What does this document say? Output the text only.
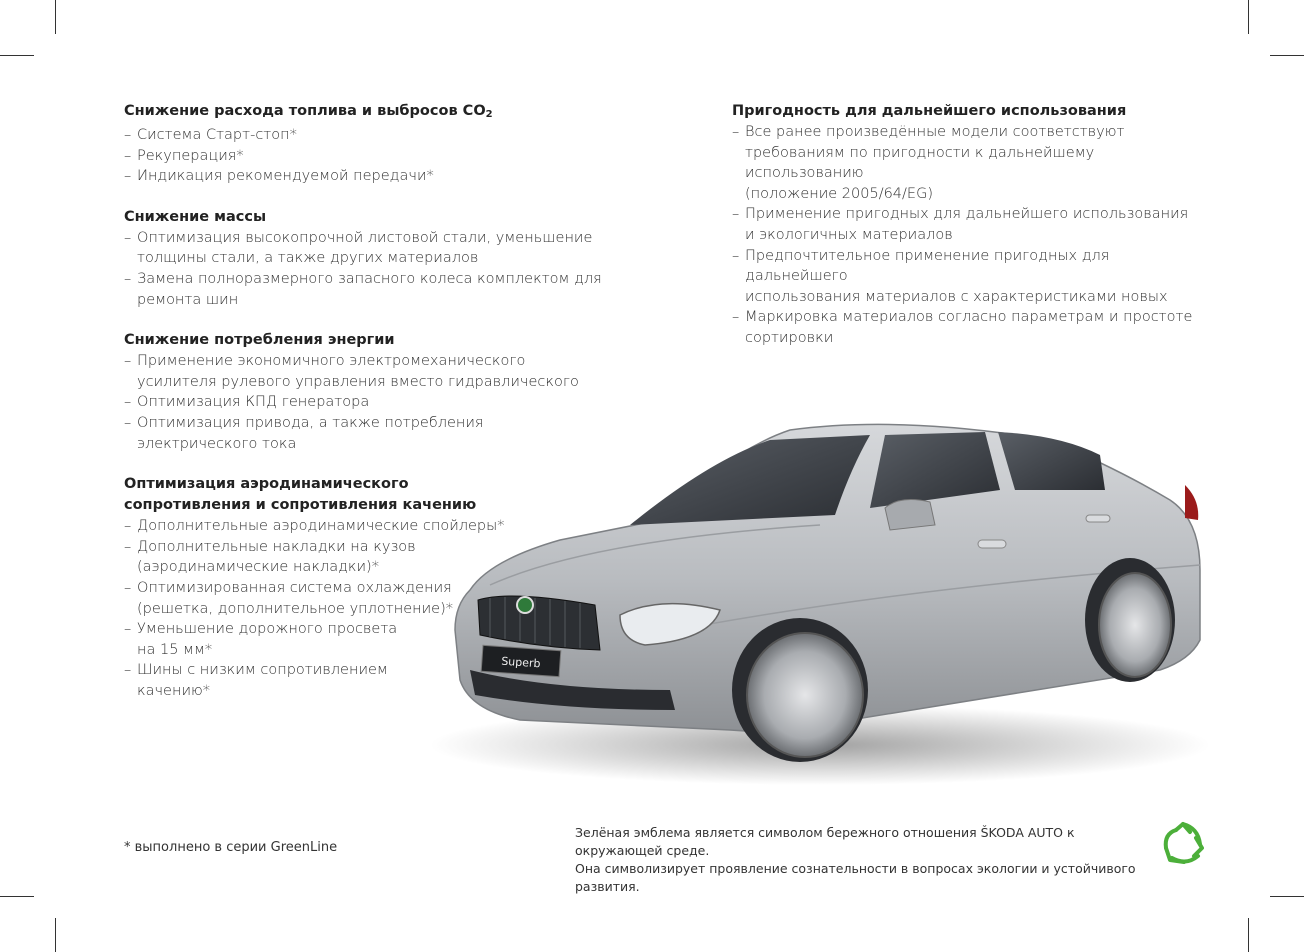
Снижение расхода топлива и выбросов $CO_2$
– Система Старт-стоп*
– Рекуперация*
– Индикация рекомендуемой передачи*
Снижение массы
– Оптимизация высокопрочной листовой стали, уменьшение
толщины стали, а также других материалов
– Замена полноразмерного запасного колеса комплектом для
ремонта шин
Снижение потребления энергии
– Применение экономичного электромеханического
усилителя рулевого управления вместо гидравлического
– Оптимизация КПД генератора
– Оптимизация привода, а также потребления
электрического тока
Оптимизация аэродинамического
сопротивления и сопротивления качению
– Дополнительные аэродинамические спойлеры*
– Дополнительные накладки на кузов
(аэродинамические накладки)*
– Оптимизированная система охлаждения
(решетка, дополнительное уплотнение)*
– Уменьшение дорожного просвета
на 15 мм*
– Шины с низким сопротивлением
качению*
Пригодность для дальнейшего использования
– Все ранее произведённые модели соответствуют
требованиям по пригодности к дальнейшему использованию
(положение 2005/64/EG)
– Применение пригодных для дальнейшего использования
и экологичных материалов
– Предпочтительное применение пригодных для дальнейшего
использования материалов с характеристиками новых
– Маркировка материалов согласно параметрам и простоте
сортировки
Superb
* выполнено в серии GreenLine
Зелёная эмблема является символом бережного отношения ŠKODA AUTO к окружающей среде.
Она символизирует проявление сознательности в вопросах экологии и устойчивого развития.
